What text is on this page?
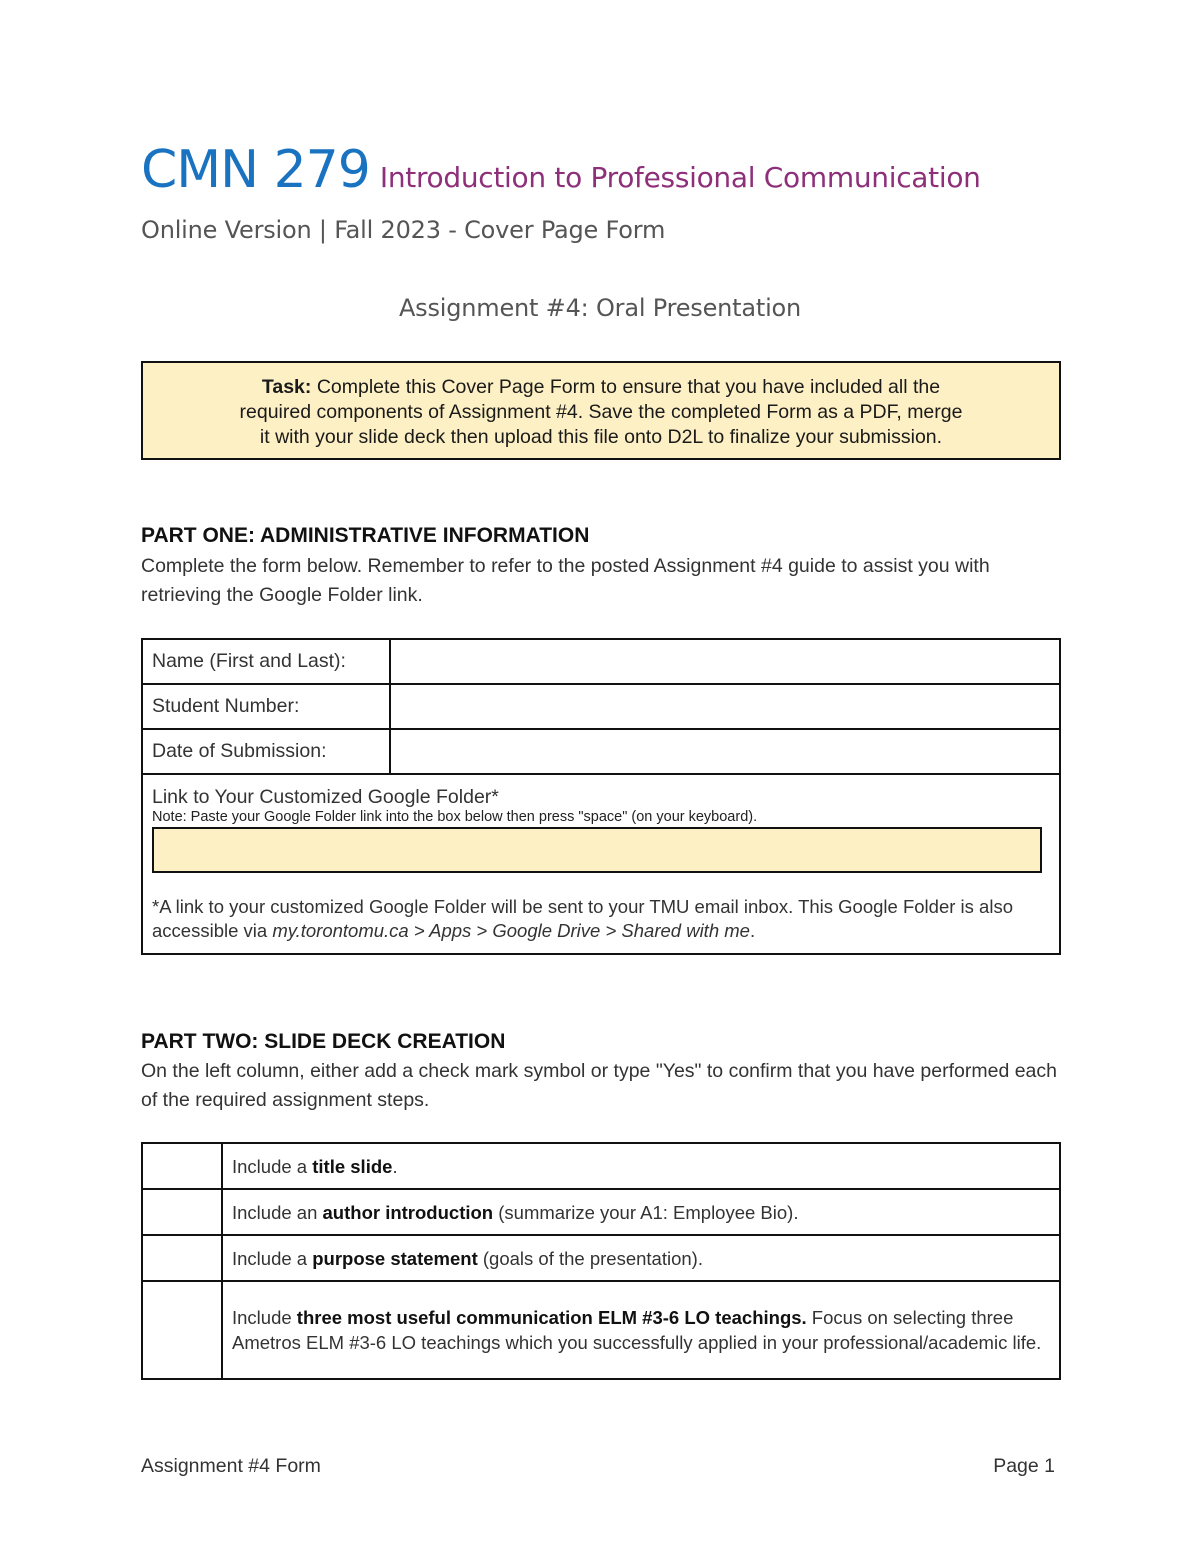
CMN 279 Introduction to Professional Communication
Online Version | Fall 2023 - Cover Page Form
Assignment #4: Oral Presentation
Task: Complete this Cover Page Form to ensure that you have included all the
required components of Assignment #4. Save the completed Form as a PDF, merge
it with your slide deck then upload this file onto D2L to finalize your submission.
PART ONE: ADMINISTRATIVE INFORMATION
Complete the form below. Remember to refer to the posted Assignment #4 guide to assist you with retrieving the Google Folder link.
Name (First and Last):	
Student Number:	
Date of Submission:	

Link to Your Customized Google Folder*
Note: Paste your Google Folder link into the box below then press "space" (on your keyboard).
*A link to your customized Google Folder will be sent to your TMU email inbox. This Google Folder is also accessible via my.torontomu.ca > Apps > Google Drive > Shared with me.	
PART TWO: SLIDE DECK CREATION
On the left column, either add a check mark symbol or type "Yes" to confirm that you have performed each of the required assignment steps.
	Include a title slide.
	Include an author introduction (summarize your A1: Employee Bio).
	Include a purpose statement (goals of the presentation).
	Include three most useful communication ELM #3-6 LO teachings. Focus on selecting three Ametros ELM #3-6 LO teachings which you successfully applied in your professional/academic life.
Assignment #4 Form	Page 1
